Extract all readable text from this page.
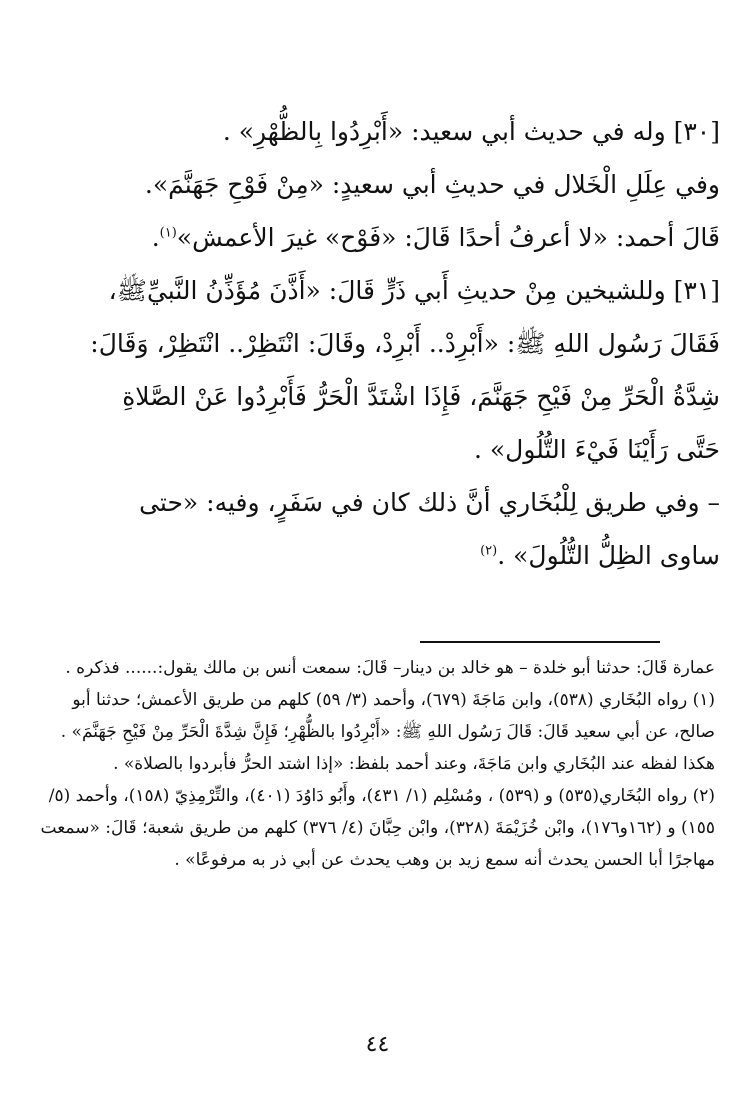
[٣٠] وله في حديث أبي سعيد: «أَبْرِدُوا بِالظُّهْرِ» .

وفي عِلَلِ الْخَلال في حديثِ أبي سعيدٍ: «مِنْ فَوْحِ جَهَنَّمَ».

قَالَ أحمد: «لا أعرفُ أحدًا قَالَ: «فَوْح» غيرَ الأعمش»$^{(١)}$.

[٣١] وللشيخين مِنْ حديثِ أَبي ذَرٍّ قَالَ: «أَذَّنَ مُؤَذِّنُ النَّبيِّﷺ، فَقَالَ رَسُول اللهِ ﷺ: «أَبْرِدْ.. أَبْرِدْ، وقَالَ: انْتَظِرْ.. انْتَظِرْ، وَقَالَ: شِدَّةُ الْحَرِّ مِنْ فَيْحِ جَهَنَّمَ، فَإِذَا اشْتَدَّ الْحَرُّ فَأَبْرِدُوا عَنْ الصَّلاةِ حَتَّى رَأَيْنَا فَيْءَ التُّلُول» .

– وفي طريق لِلْبُخَاري أنَّ ذلك كان في سَفَرٍ، وفيه: «حتى ساوى الظِلُّ التُّلُولَ» .$^{(٢)}$

عمارة قَالَ: حدثنا أبو خلدة – هو خالد بن دينار– قَالَ: سمعت أنس بن مالك يقول:...... فذكره .

(١) رواه البُخَاري (٥٣٨)، وابن مَاجَةَ (٦٧٩)، وأحمد (٣/ ٥٩) كلهم من طريق الأعمش؛ حدثنا أبو صالح، عن أبي سعيد قَالَ: قَالَ رَسُول اللهِ ﷺ: «أَبْرِدُوا بالظُّهْرِ؛ فَإِنَّ شِدَّةَ الْحَرِّ مِنْ فَيْحِ جَهَنَّمَ» . هكذا لفظه عند البُخَاري وابن مَاجَةَ، وعند أحمد بلفظ: «إذا اشتد الحرُّ فأبردوا بالصلاة» .

(٢) رواه البُخَاري(٥٣٥) و (٥٣٩) ، ومُسْلِم (١/ ٤٣١)، وأَبُو دَاوُدَ (٤٠١)، والتِّرْمِذِيّ (١٥٨)، وأحمد (٥/ ١٥٥) و (١٦٢و١٧٦)، وابْن خُزَيْمَةَ (٣٢٨)، وابْن حِبَّانَ (٤/ ٣٧٦) كلهم من طريق شعبة؛ قَالَ: «سمعت مهاجرًا أبا الحسن يحدث أنه سمع زيد بن وهب يحدث عن أبي ذر به مرفوعًا» .

٤٤
